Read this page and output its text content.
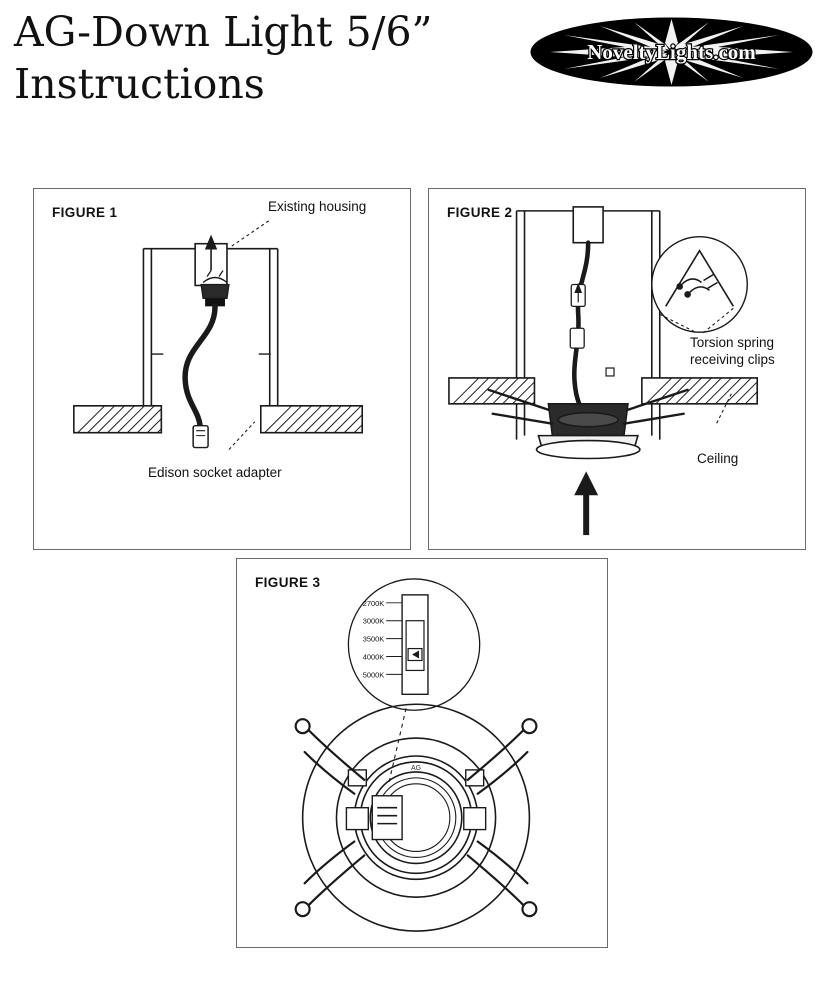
AG-Down Light 5/6”
Instructions
NoveltyLights.com
FIGURE 1	Existing housing
Edison socket adapter
FIGURE 2
Torsion spring receiving clips
Ceiling
FIGURE 3
2700K
3000K
3500K
4000K
5000K
AG
